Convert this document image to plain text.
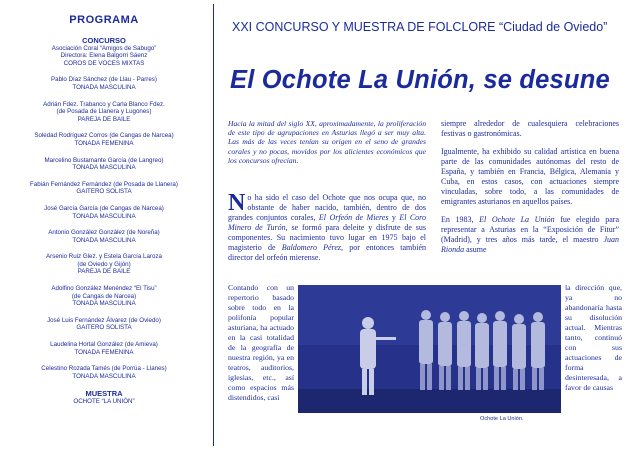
PROGRAMA
CONCURSO
Asociación Coral “Amigos de Sabugo”
Directora: Elena Balgorri Sáenz
COROS DE VOCES MIXTAS
Pablo Díaz Sánchez (de Llau - Parres)
TONADA MASCULINA
Adrián Fdez. Trabanco y Carla Blanco Fdez.
(de Posada de Llanera y Lugones)
PAREJA DE BAILE
Soledad Rodríguez Corros (de Cangas de Narcea)
TONADA FEMENINA
Marcelino Bustamante García (de Langreo)
TONADA MASCULINA
Fabián Fernández Fernández (de Posada de Llanera)
GAITERO SOLISTA
José García García (de Cangas de Narcea)
TONADA MASCULINA
Antonio González González (de Noreña)
TONADA MASCULINA
Arsenio Ruiz Glez. y Estela García Laroza
(de Oviedo y Gijón)
PAREJA DE BAILE
Adolfino González Menéndez “El Tisu”
(de Cangas de Narcea)
TONADA MASCULINA
José Luis Fernández Álvarez (de Oviedo)
GAITERO SOLISTA
Laudelina Hortal González (de Amieva)
TONADA FEMENINA
Celestino Rozada Tamés (de Porrúa - Llanes)
TONADA MASCULINA
MUESTRA
OCHOTE “LA UNIÓN”
XXI CONCURSO Y MUESTRA DE FOLCLORE “Ciudad de Oviedo”
El Ochote La Unión, se desune
Hacia la mitad del siglo XX, aproximadamente, la proliferación de este tipo de agrupaciones en Asturias llegó a ser muy alta. Las más de las veces tenían su origen en el seno de grandes corales y no pocas, movidos por los alicientes económicos que los concursos ofrecían.
No ha sido el caso del Ochote que nos ocupa que, no obstante de haber nacido, también, dentro de dos grandes conjuntos corales, El Orfeón de Mieres y El Coro Minero de Turón, se formó para deleite y disfrute de sus componentes. Su nacimiento tuvo lugar en 1975 bajo el magisterio de Baldomero Pérez, por entonces también director del orfeón mierense.
Contando con un repertorio basado sobre todo en la polifonía popular asturiana, ha actuado en la casi totalidad de la geografía de nuestra región, ya en teatros, auditorios, iglesias, etc., así como espacios más distendidos, casi
Ochote La Unión.

siempre alrededor de cualesquiera celebraciones festivas o gastronómicas.

Igualmente, ha exhibido su calidad artística en buena parte de las comunidades autónomas del resto de España, y también en Francia, Bélgica, Alemania y Cuba, en estos casos, con actuaciones siempre vinculadas, sobre todo, a las comunidades de emigrantes asturianos en aquellos países.

En 1983, El Ochote La Unión fue elegido para representar a Asturias en la “Exposición de Fitur” (Madrid), y tres años más tarde, el maestro Juan Rionda asume

la dirección que, ya no abandonaría hasta su disolución actual. Mientras tanto, continuó con sus actuaciones de forma desinteresada, a favor de causas
